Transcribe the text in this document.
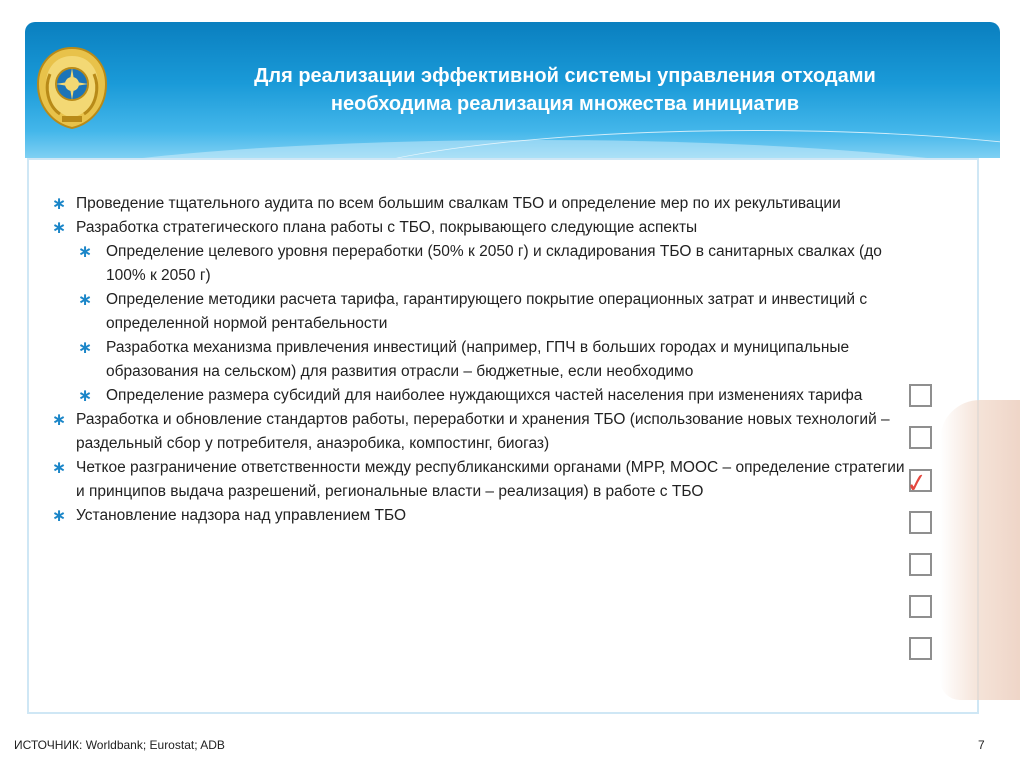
Для реализации эффективной системы управления отходами
необходима реализация множества инициатив
✓
∗ Проведение тщательного аудита по всем большим свалкам ТБО и определение мер по их рекультивации
∗ Разработка стратегического плана работы с ТБО, покрывающего следующие аспекты
∗ Определение целевого уровня переработки (50% к 2050 г) и складирования ТБО в санитарных свалках (до 100% к 2050 г)
∗ Определение методики расчета тарифа, гарантирующего покрытие операционных затрат и инвестиций с определенной нормой рентабельности
∗ Разработка механизма привлечения инвестиций (например, ГПЧ в больших городах и муниципальные образования на сельском) для развития отрасли – бюджетные, если необходимо
∗ Определение размера субсидий для наиболее нуждающихся частей населения при изменениях тарифа
∗ Разработка и обновление стандартов работы, переработки и хранения ТБО (использование новых технологий – раздельный сбор у потребителя, анаэробика, компостинг, биогаз)
∗ Четкое разграничение ответственности между республиканскими органами (МРР, МООС – определение стратегии и принципов выдача разрешений, региональные власти – реализация) в работе с ТБО
∗ Установление надзора над управлением ТБО
ИСТОЧНИК: Worldbank; Eurostat; ADB	7
